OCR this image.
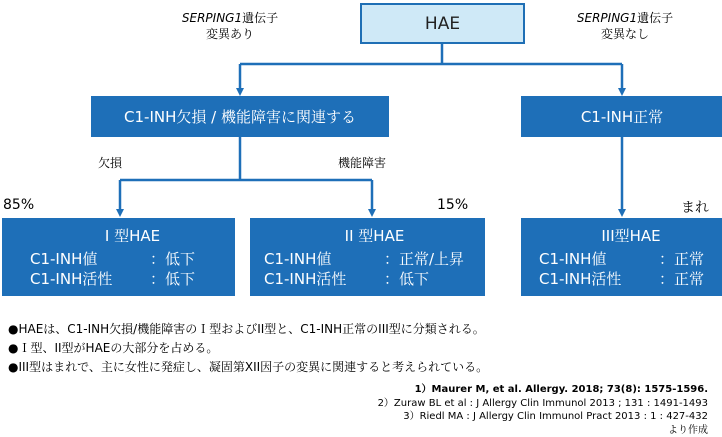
HAE
SERPING1遺伝子
変異あり
SERPING1遺伝子
変異なし
C1-INH欠損 / 機能障害に関連する	C1-INH正常
欠損	機能障害
85%	15%	まれ
I 型HAE
C1-INH値	：低下
C1-INH活性	：低下
II 型HAE
C1-INH値	：正常/上昇
C1-INH活性	：低下
III型HAE
C1-INH値	：正常
C1-INH活性	：正常
●HAEは、C1-INH欠損/機能障害のＩ型およびII型と、C1-INH正常のIII型に分類される。
●Ｉ型、II型がHAEの大部分を占める。
●III型はまれで、主に女性に発症し、凝固第XII因子の変異に関連すると考えられている。
1）Maurer M, et al. Allergy. 2018; 73(8): 1575-1596.
2）Zuraw BL et al : J Allergy Clin Immunol 2013 ; 131 : 1491-1493
3）Riedl MA : J Allergy Clin Immunol Pract 2013 : 1 : 427-432
より作成
